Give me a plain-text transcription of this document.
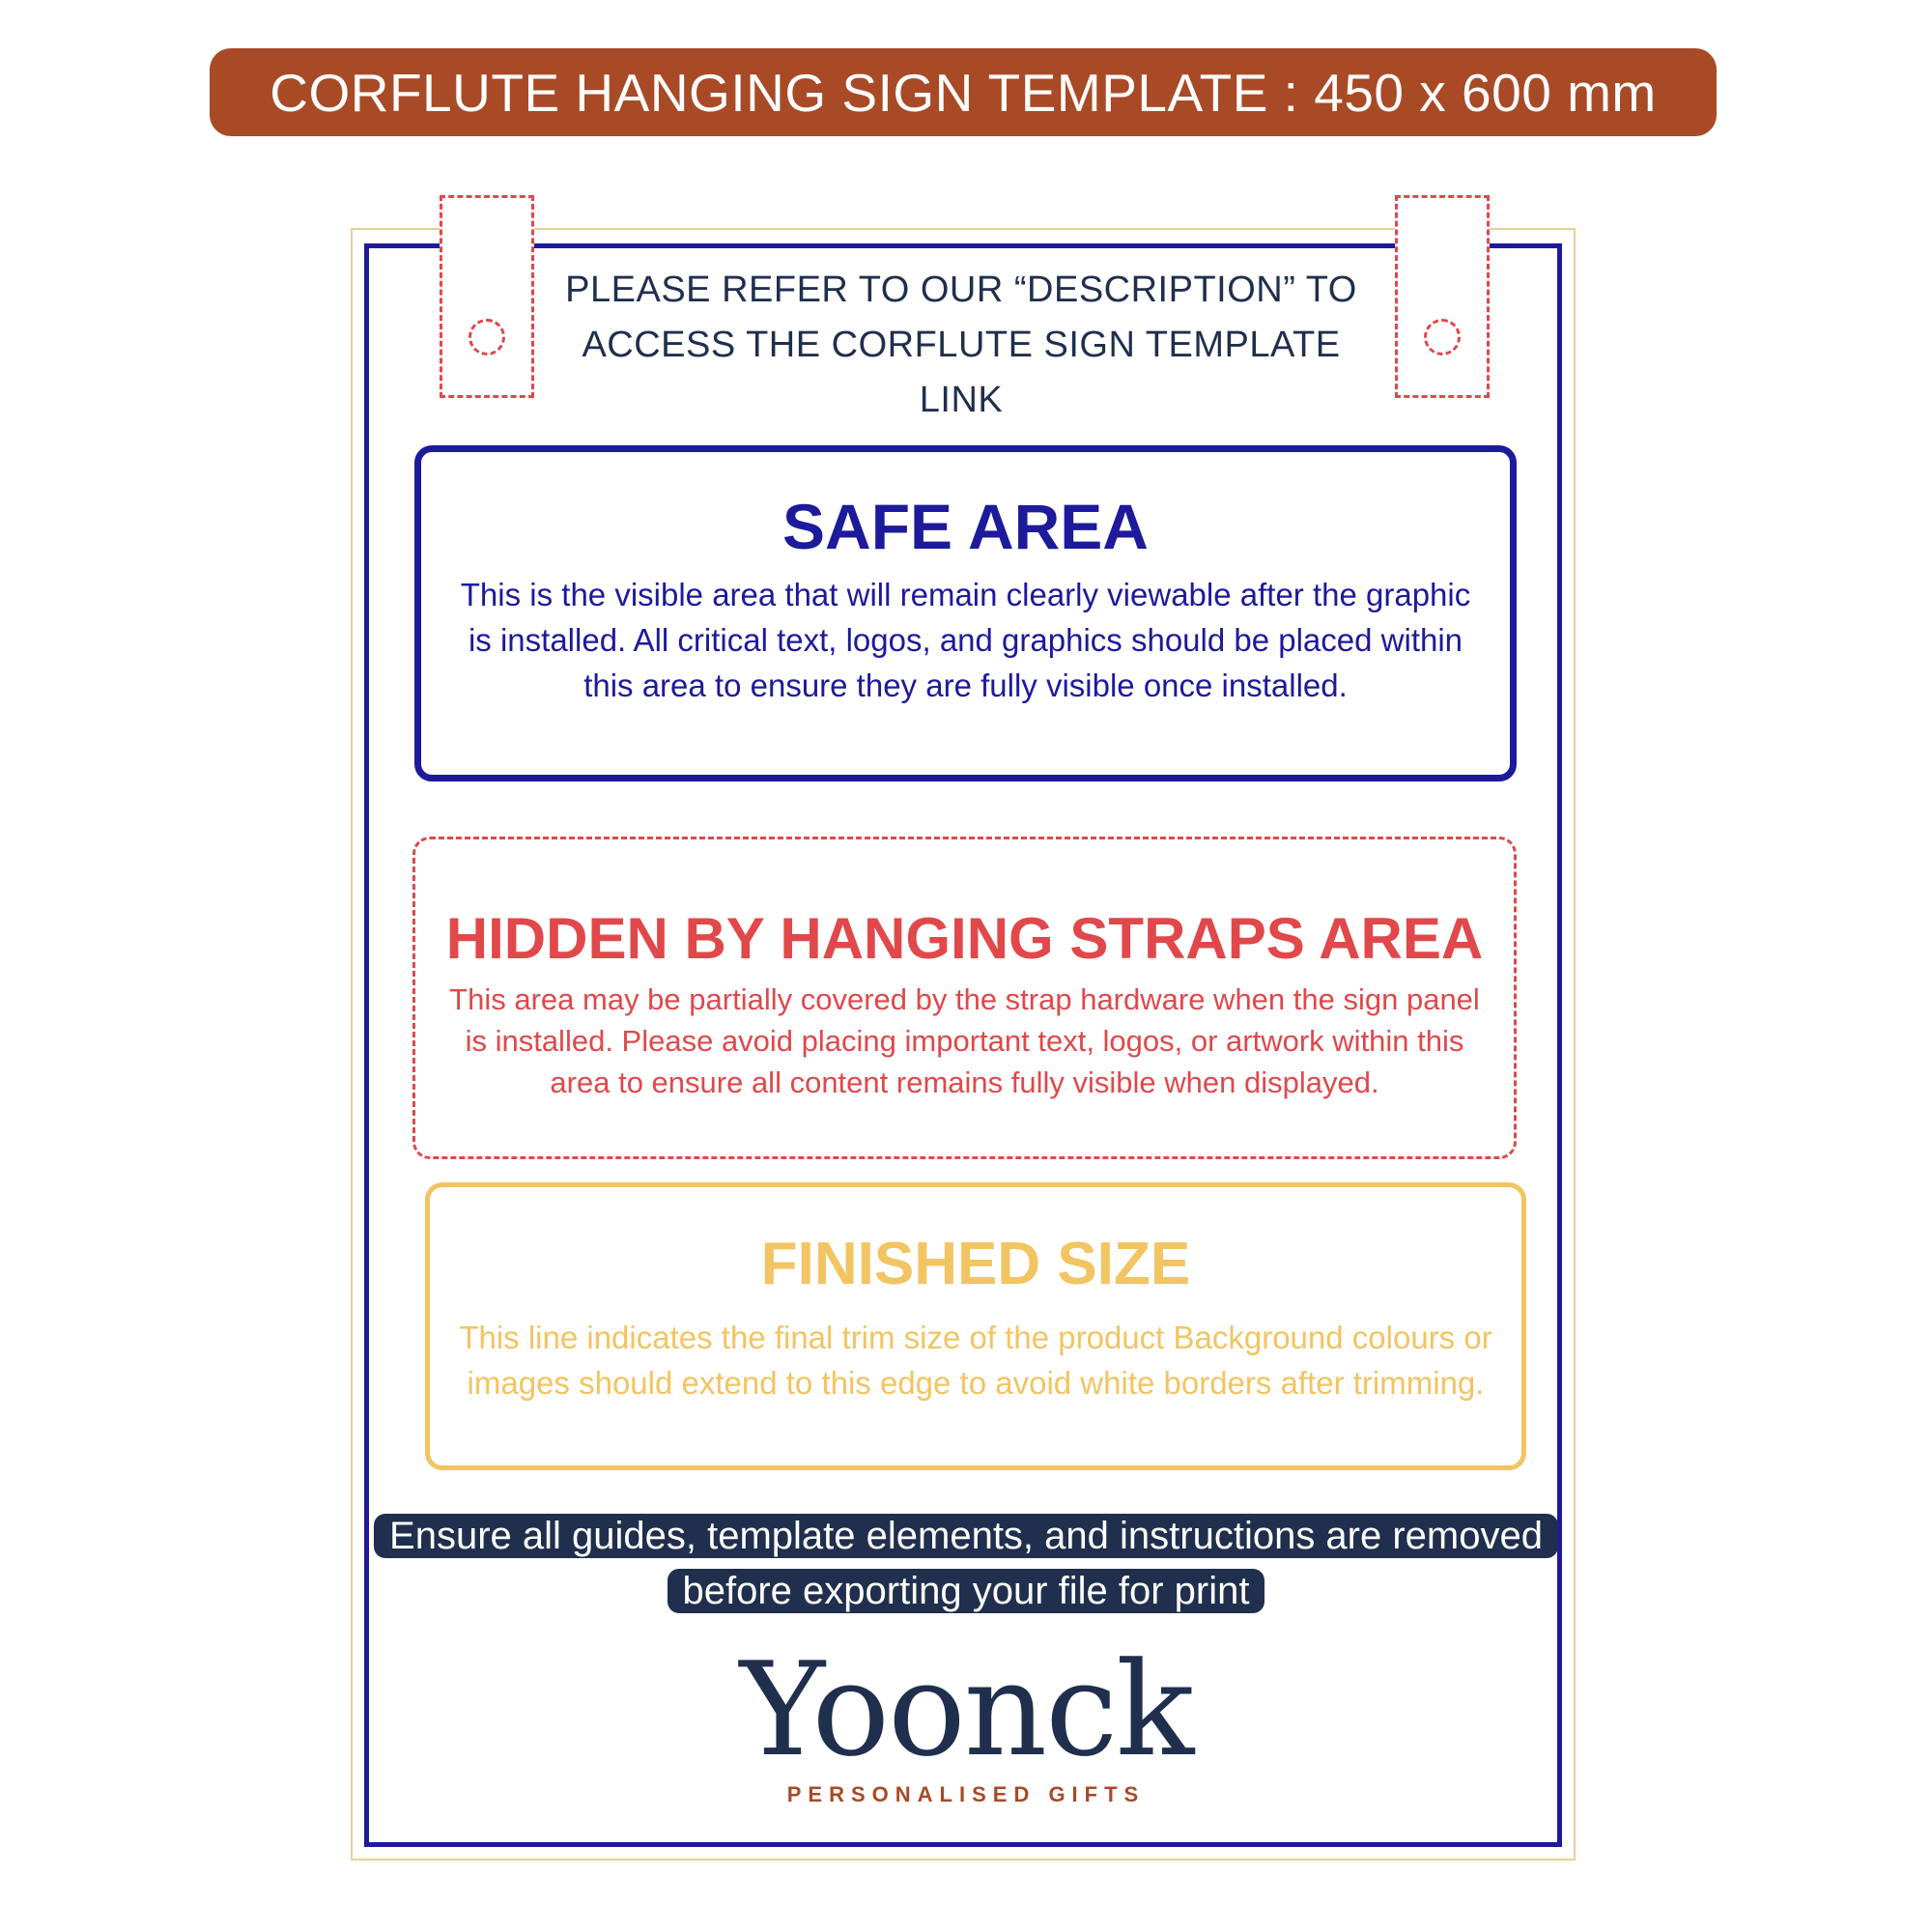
CORFLUTE HANGING SIGN TEMPLATE : 450 x 600 mm
PLEASE REFER TO OUR “DESCRIPTION” TO ACCESS THE CORFLUTE SIGN TEMPLATE LINK
SAFE AREA
This is the visible area that will remain clearly viewable after the graphic is installed. All critical text, logos, and graphics should be placed within this area to ensure they are fully visible once installed.
HIDDEN BY HANGING STRAPS AREA
This area may be partially covered by the strap hardware when the sign panel is installed. Please avoid placing important text, logos, or artwork within this area to ensure all content remains fully visible when displayed.
FINISHED SIZE
This line indicates the final trim size of the product Background colours or images should extend to this edge to avoid white borders after trimming.
Ensure all guides, template elements, and instructions are removed before exporting your file for print
Yoonck
PERSONALISED GIFTS
